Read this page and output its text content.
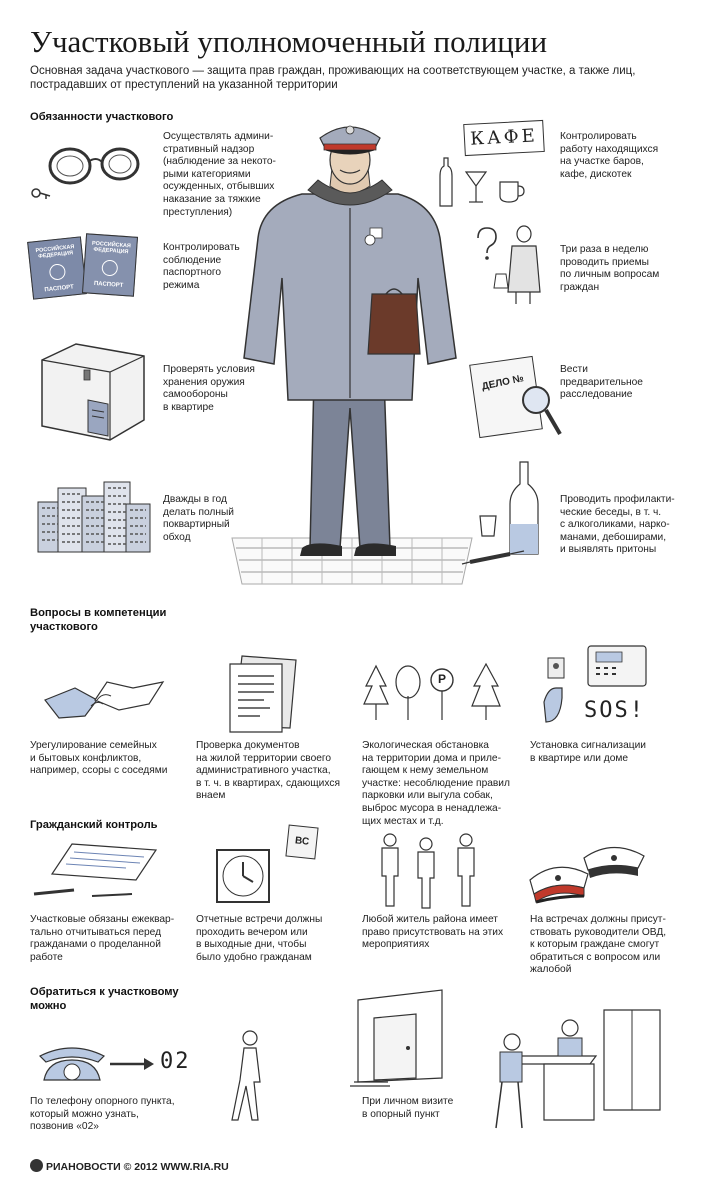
Участковый уполномоченный полиции
Основная задача участкового — защита прав граждан, проживающих на соответствующем участке, а также лиц, пострадавших от преступлений на указанной территории
Обязанности участкового
Осуществлять админи-
стративный надзор
(наблюдение за некото-
рыми категориями
осужденных, отбывших
наказание за тяжкие
преступления)
РОССИЙСКАЯ ФЕДЕРАЦИЯ
ПАСПОРТ
РОССИЙСКАЯ ФЕДЕРАЦИЯ
ПАСПОРТ
Контролировать
соблюдение
паспортного
режима
Проверять условия
хранения оружия
самообороны
в квартире
Дважды в год
делать полный
поквартирный
обход
КАФЕ	Контролировать
работу находящихся
на участке баров,
кафе, дискотек
Три раза в неделю
проводить приемы
по личным вопросам
граждан
ДЕЛО №
Вести
предварительное
расследование
Проводить профилакти-
ческие беседы, в т. ч.
с алкоголиками, нарко-
манами, дебоширами,
и выявлять притоны
Вопросы в компетенции
участкового
Урегулирование семейных
и бытовых конфликтов,
например, ссоры с соседями
Проверка документов
на жилой территории своего
административного участка,
в т. ч. в квартирах, сдающихся
внаем
P
Экологическая обстановка
на территории дома и приле-
гающем к нему земельном
участке: несоблюдение правил
парковки или выгула собак,
выброс мусора в ненадлежа-
щих местах и т.д.
SOS!
Установка сигнализации
в квартире или доме
Гражданский контроль
Участковые обязаны ежеквар-
тально отчитываться перед
гражданами о проделанной
работе
ВС
Отчетные встречи должны
проходить вечером или
в выходные дни, чтобы
было удобно гражданам
Любой житель района имеет
право присутствовать на этих
мероприятиях
На встречах должны присут-
ствовать руководители ОВД,
к которым граждане смогут
обратиться с вопросом или
жалобой
Обратиться к участковому
можно
02
По телефону опорного пункта,
который можно узнать,
позвонив «02»
При личном визите
в опорный пункт
РИАНОВОСТИ © 2012 WWW.RIA.RU
